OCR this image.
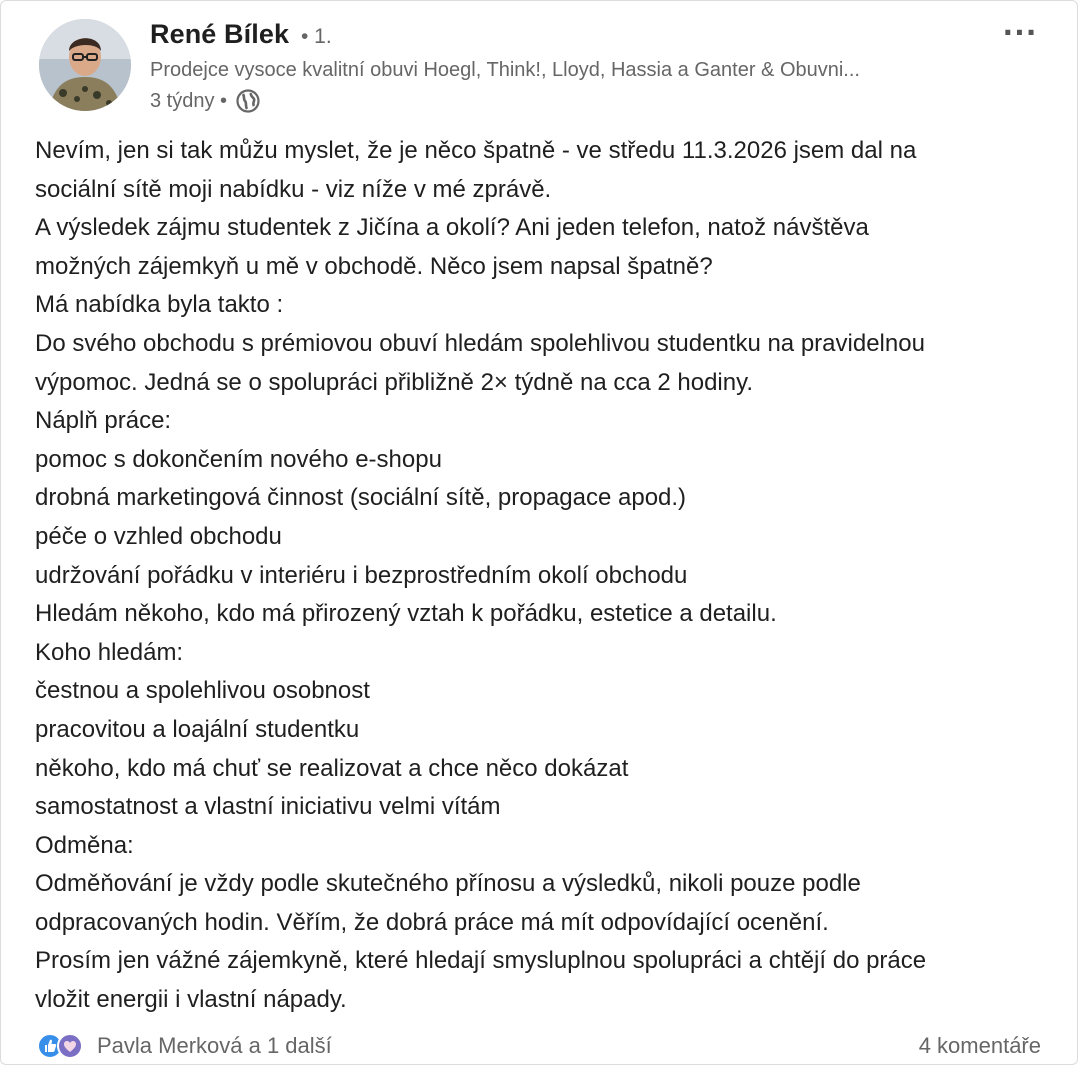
René Bílek • 1.
Prodejce vysoce kvalitní obuvi Hoegl, Think!, Lloyd, Hassia a Ganter & Obuvni...
3 týdny •
···
Nevím, jen si tak můžu myslet, že je něco špatně - ve středu 11.3.2026 jsem dal na
sociální sítě moji nabídku - viz níže v mé zprávě.
A výsledek zájmu studentek z Jičína a okolí? Ani jeden telefon, natož návštěva
možných zájemkyň u mě v obchodě. Něco jsem napsal špatně?
Má nabídka byla takto :
Do svého obchodu s prémiovou obuví hledám spolehlivou studentku na pravidelnou
výpomoc. Jedná se o spolupráci přibližně 2× týdně na cca 2 hodiny.
Náplň práce:
pomoc s dokončením nového e-shopu
drobná marketingová činnost (sociální sítě, propagace apod.)
péče o vzhled obchodu
udržování pořádku v interiéru i bezprostředním okolí obchodu
Hledám někoho, kdo má přirozený vztah k pořádku, estetice a detailu.
Koho hledám:
čestnou a spolehlivou osobnost
pracovitou a loajální studentku
někoho, kdo má chuť se realizovat a chce něco dokázat
samostatnost a vlastní iniciativu velmi vítám
Odměna:
Odměňování je vždy podle skutečného přínosu a výsledků, nikoli pouze podle
odpracovaných hodin. Věřím, že dobrá práce má mít odpovídající ocenění.
Prosím jen vážné zájemkyně, které hledají smysluplnou spolupráci a chtějí do práce
vložit energii i vlastní nápady.
Pavla Merková a 1 další	4 komentáře
